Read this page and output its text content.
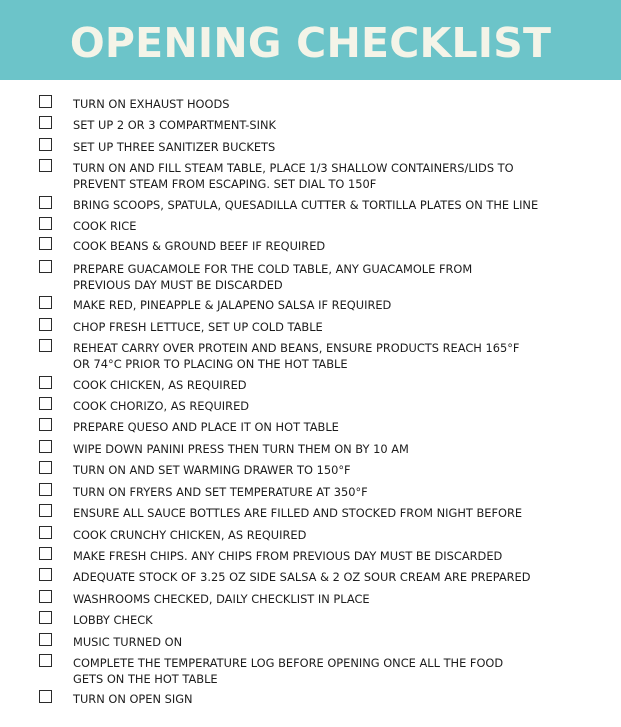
OPENING CHECKLIST
TURN ON EXHAUST HOODS
SET UP 2 OR 3 COMPARTMENT-SINK
SET UP THREE SANITIZER BUCKETS
TURN ON AND FILL STEAM TABLE, PLACE 1/3 SHALLOW CONTAINERS/LIDS TO
PREVENT STEAM FROM ESCAPING. SET DIAL TO 150F
BRING SCOOPS, SPATULA, QUESADILLA CUTTER & TORTILLA PLATES ON THE LINE
COOK RICE
COOK BEANS & GROUND BEEF IF REQUIRED
PREPARE GUACAMOLE FOR THE COLD TABLE, ANY GUACAMOLE FROM
PREVIOUS DAY MUST BE DISCARDED
MAKE RED, PINEAPPLE & JALAPENO SALSA IF REQUIRED
CHOP FRESH LETTUCE, SET UP COLD TABLE
REHEAT CARRY OVER PROTEIN AND BEANS, ENSURE PRODUCTS REACH 165°F
OR 74°C PRIOR TO PLACING ON THE HOT TABLE
COOK CHICKEN, AS REQUIRED
COOK CHORIZO, AS REQUIRED
PREPARE QUESO AND PLACE IT ON HOT TABLE
WIPE DOWN PANINI PRESS THEN TURN THEM ON BY 10 AM
TURN ON AND SET WARMING DRAWER TO 150°F
TURN ON FRYERS AND SET TEMPERATURE AT 350°F
ENSURE ALL SAUCE BOTTLES ARE FILLED AND STOCKED FROM NIGHT BEFORE
COOK CRUNCHY CHICKEN, AS REQUIRED
MAKE FRESH CHIPS. ANY CHIPS FROM PREVIOUS DAY MUST BE DISCARDED
ADEQUATE STOCK OF 3.25 OZ SIDE SALSA & 2 OZ SOUR CREAM ARE PREPARED
WASHROOMS CHECKED, DAILY CHECKLIST IN PLACE
LOBBY CHECK
MUSIC TURNED ON
COMPLETE THE TEMPERATURE LOG BEFORE OPENING ONCE ALL THE FOOD
GETS ON THE HOT TABLE
TURN ON OPEN SIGN
